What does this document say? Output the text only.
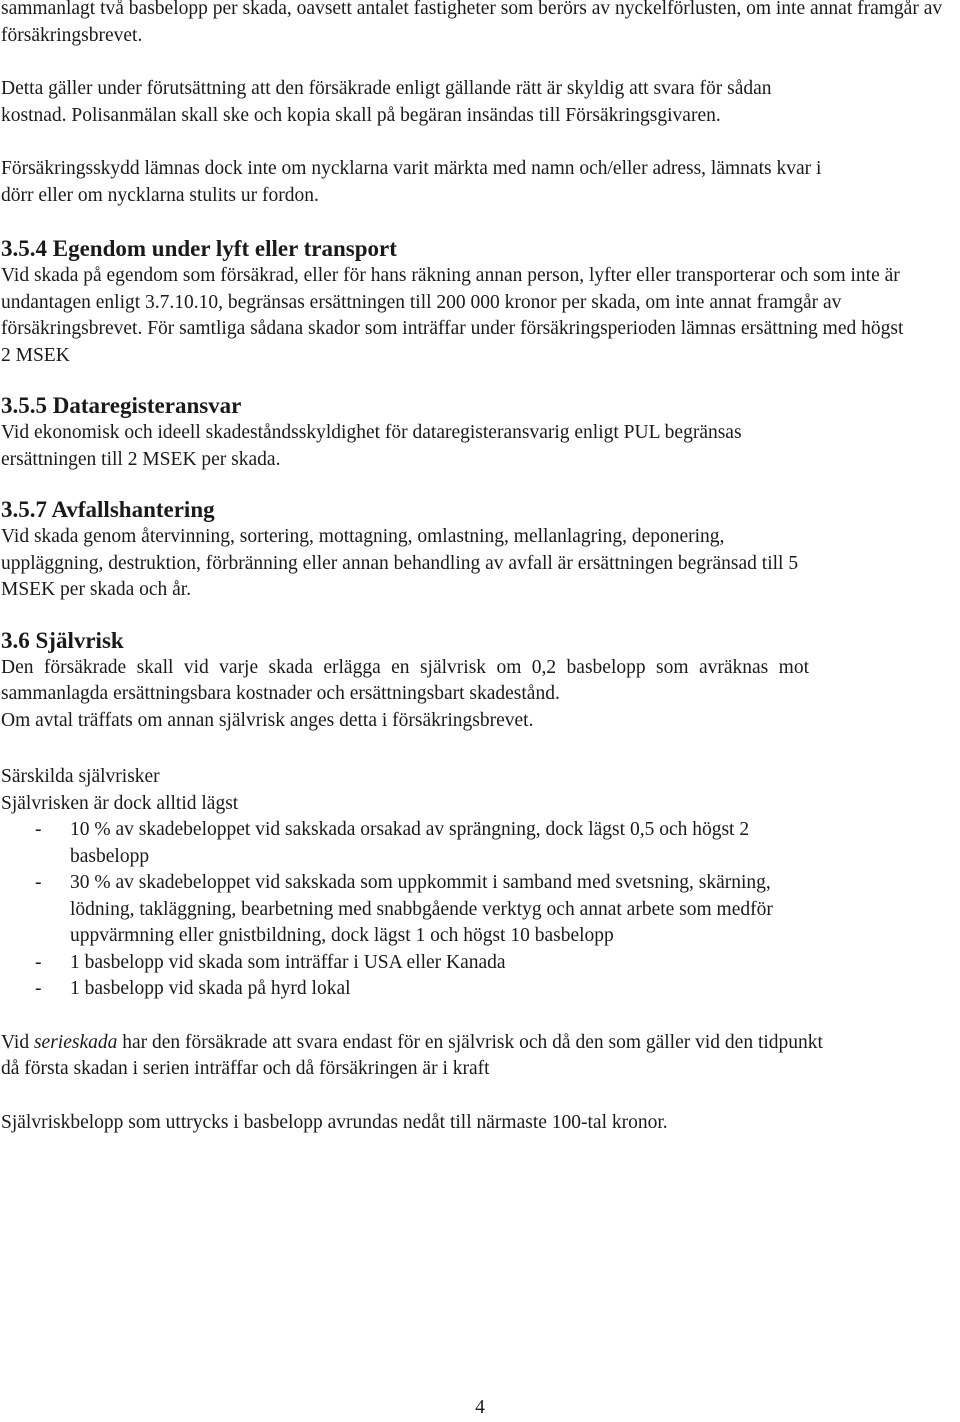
sammanlagt två basbelopp per skada, oavsett antalet fastigheter som berörs av nyckelförlusten, om inte annat framgår av försäkringsbrevet.

Detta gäller under förutsättning att den försäkrade enligt gällande rätt är skyldig att svara för sådan kostnad. Polisanmälan skall ske och kopia skall på begäran insändas till Försäkringsgivaren.

Försäkringsskydd lämnas dock inte om nycklarna varit märkta med namn och/eller adress, lämnats kvar i dörr eller om nycklarna stulits ur fordon.

3.5.4 Egendom under lyft eller transport

Vid skada på egendom som försäkrad, eller för hans räkning annan person, lyfter eller transporterar och som inte är undantagen enligt 3.7.10.10, begränsas ersättningen till 200 000 kronor per skada, om inte annat framgår av försäkringsbrevet. För samtliga sådana skador som inträffar under försäkringsperioden lämnas ersättning med högst 2 MSEK

3.5.5 Dataregisteransvar

Vid ekonomisk och ideell skadeståndsskyldighet för dataregisteransvarig enligt PUL begränsas ersättningen till 2 MSEK per skada.

3.5.7 Avfallshantering

Vid skada genom återvinning, sortering, mottagning, omlastning, mellanlagring, deponering, uppläggning, destruktion, förbränning eller annan behandling av avfall är ersättningen begränsad till 5 MSEK per skada och år.

3.6 Självrisk

Den försäkrade skall vid varje skada erlägga en självrisk om 0,2 basbelopp som avräknas mot sammanlagda ersättningsbara kostnader och ersättningsbart skadestånd.

Om avtal träffats om annan självrisk anges detta i försäkringsbrevet.

Särskilda självrisker

Självrisken är dock alltid lägst

- 10 % av skadebeloppet vid sakskada orsakad av sprängning, dock lägst 0,5 och högst 2 basbelopp
- 30 % av skadebeloppet vid sakskada som uppkommit i samband med svetsning, skärning, lödning, takläggning, bearbetning med snabbgående verktyg och annat arbete som medför uppvärmning eller gnistbildning, dock lägst 1 och högst 10 basbelopp
- 1 basbelopp vid skada som inträffar i USA eller Kanada
- 1 basbelopp vid skada på hyrd lokal

Vid serieskada har den försäkrade att svara endast för en självrisk och då den som gäller vid den tidpunkt då första skadan i serien inträffar och då försäkringen är i kraft

Självriskbelopp som uttrycks i basbelopp avrundas nedåt till närmaste 100-tal kronor.

4
